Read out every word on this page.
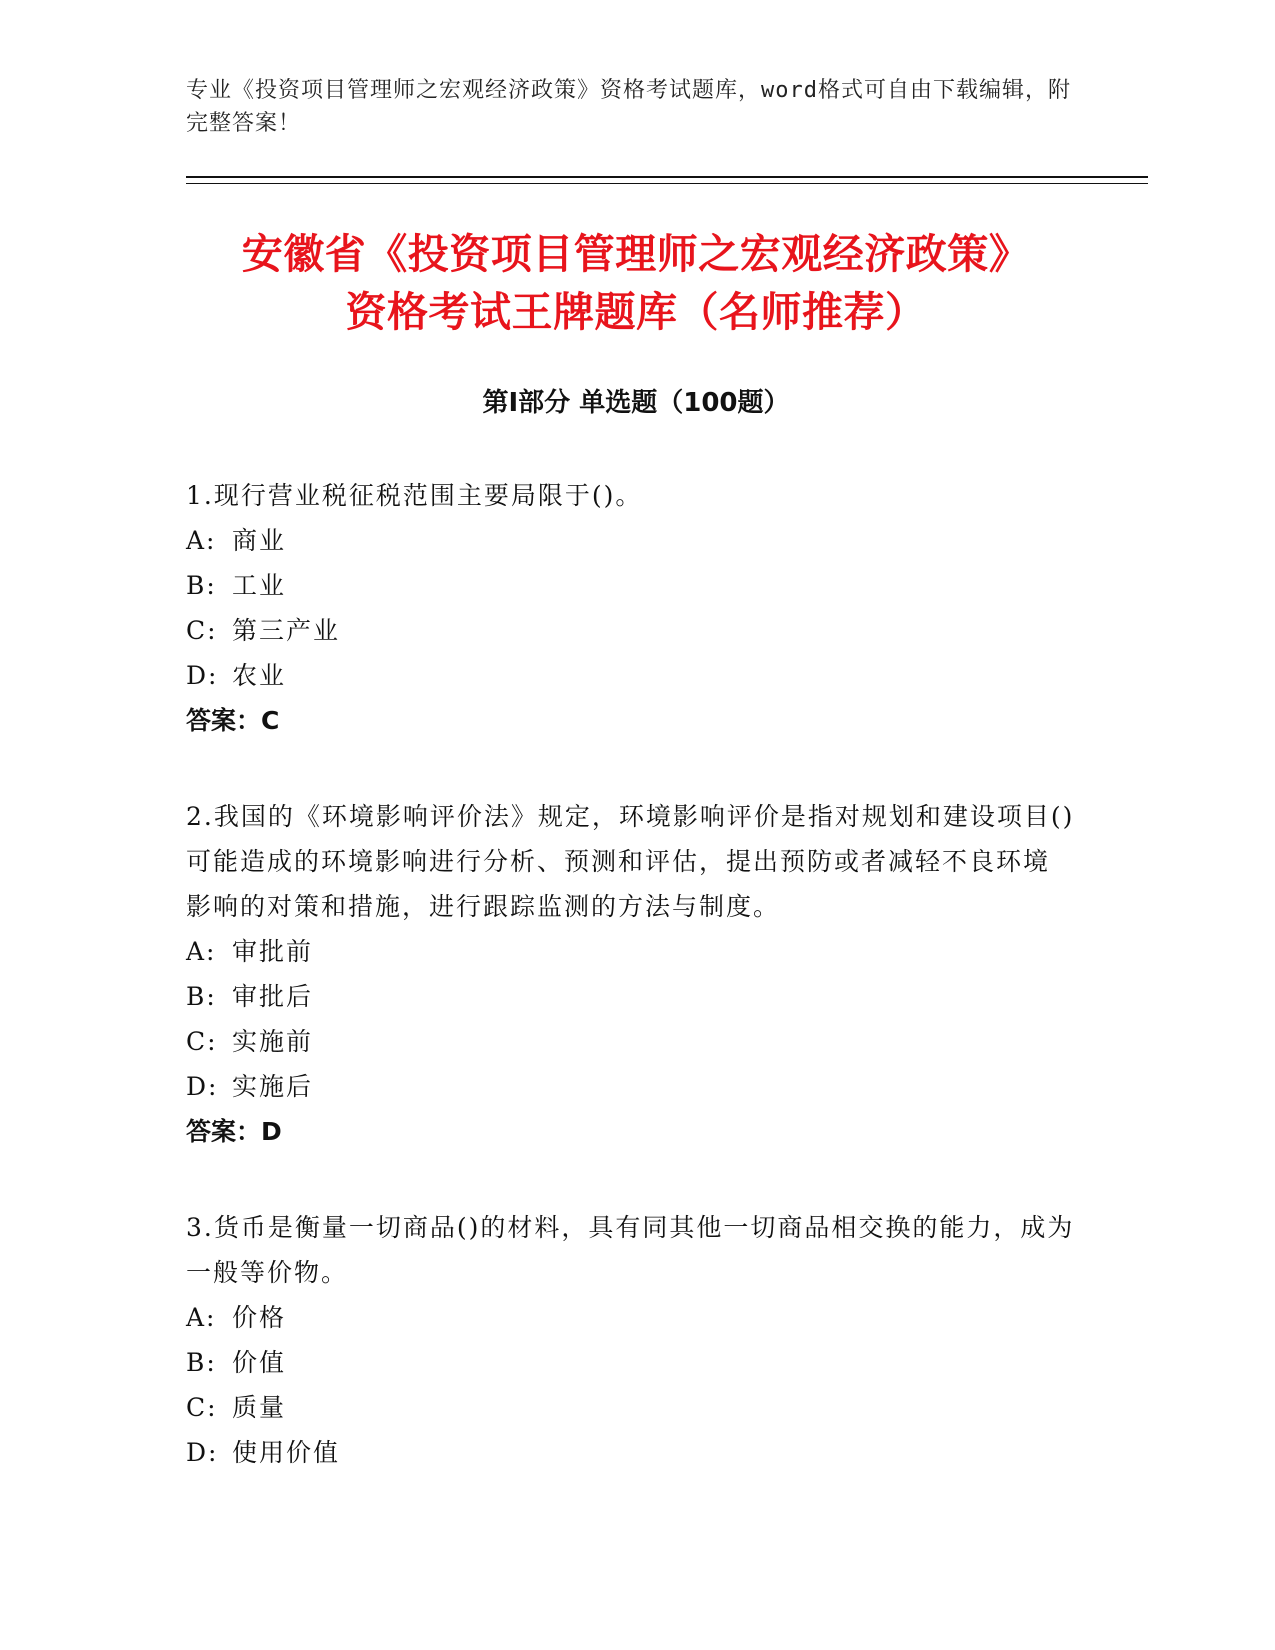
专业《投资项目管理师之宏观经济政策》资格考试题库，word格式可自由下载编辑，附完整答案！
安徽省《投资项目管理师之宏观经济政策》
资格考试王牌题库（名师推荐）
第Ⅰ部分 单选题（100题）
1.现行营业税征税范围主要局限于()。
A: 商业
B: 工业
C: 第三产业
D: 农业
答案：C
2.我国的《环境影响评价法》规定，环境影响评价是指对规划和建设项目()可能造成的环境影响进行分析、预测和评估，提出预防或者减轻不良环境影响的对策和措施，进行跟踪监测的方法与制度。
A: 审批前
B: 审批后
C: 实施前
D: 实施后
答案：D
3.货币是衡量一切商品()的材料，具有同其他一切商品相交换的能力，成为一般等价物。
A: 价格
B: 价值
C: 质量
D: 使用价值
